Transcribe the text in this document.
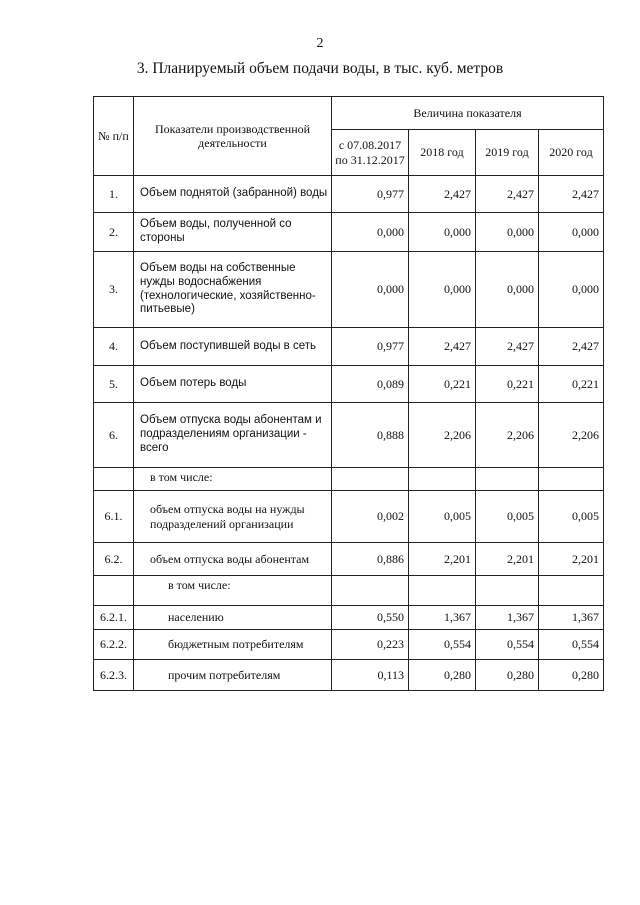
2
3. Планируемый объем подачи воды, в тыс. куб. метров
№ п/п	Показатели производственной деятельности	Величина показателя			
		с 07.08.2017 по 31.12.2017	2018 год	2019 год	2020 год
1.	Объем поднятой (забранной) воды	0,977	2,427	2,427	2,427
2.	Объем воды, полученной со стороны	0,000	0,000	0,000	0,000
3.	Объем воды на собственные нужды водоснабжения (технологические, хозяйственно-питьевые)	0,000	0,000	0,000	0,000
4.	Объем поступившей воды в сеть	0,977	2,427	2,427	2,427
5.	Объем потерь воды	0,089	0,221	0,221	0,221
6.	Объем отпуска воды абонентам и подразделениям организации - всего	0,888	2,206	2,206	2,206
	в том числе:				
6.1.	объем отпуска воды на нужды подразделений организации	0,002	0,005	0,005	0,005
6.2.	объем отпуска воды абонентам	0,886	2,201	2,201	2,201
	в том числе:				
6.2.1.	населению	0,550	1,367	1,367	1,367
6.2.2.	бюджетным потребителям	0,223	0,554	0,554	0,554
6.2.3.	прочим потребителям	0,113	0,280	0,280	0,280
